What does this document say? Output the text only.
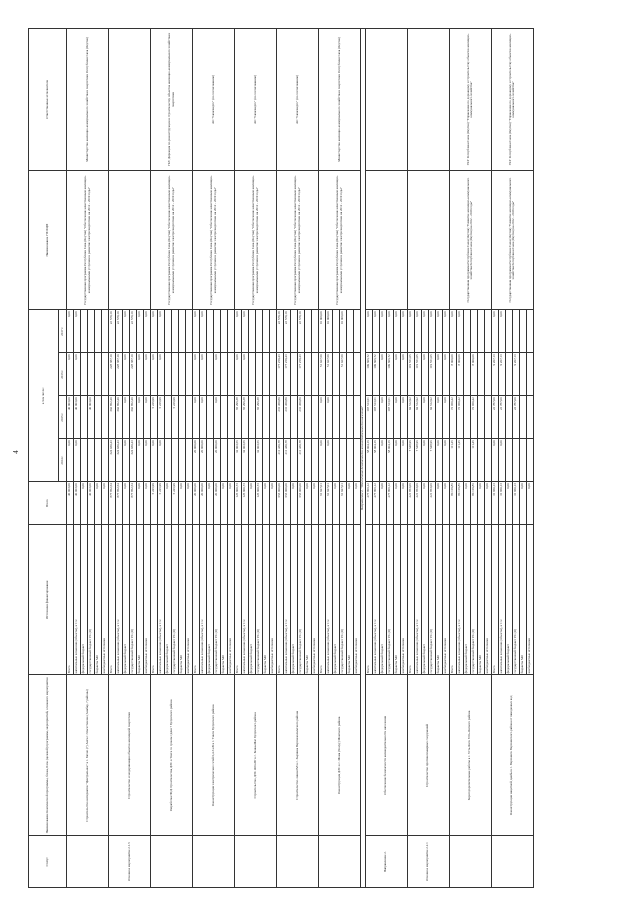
4
Статус	Наименование Комплексной программы, блока, Блок (целевой) программы, мероприятий, основного мероприятия	Источники финансирования	Всего	в том числе:				Наименование ГП/ФЦП	Ответственные исполнители
				2014 г.	2015 г.	2016 г.	2017 г.		
	Строительство интернатов "Центральное" в с. Бясмо (?) Амга с Эльгестенлек (Анабар, ? районы)	Всего	40 003,00	0,00	40 003,00	0,00	0,00	Государственная программа Республики Саха (Якутия) "Обеспечение качественным жилищно-коммунальными услугами и развитие электроэнергетики на 2012 - 2019 годы"	Министерство жилищно-коммунального хозяйства и энергетики Республики Саха (Якутия)
		капитальные вложения (объекты), в т.ч.:	40 003,00	0,00	40 003,00	0,00	0,00		
		федеральный бюджет	0,00						
		государственный бюджет РС (Я)	40 003,00		40 003,00				
		бюджеты МО	0,00						
		внебюджетные источники	0,00						
Основное мероприятие 2.1.5	Строительство и модернизация объектов жилищной энергетики	Всего	877 862,54	324 030,43	302 862,40	228 387,10	22 579,10		
		капитальные вложения (объекты), в т.ч.:	877 862,54	324 030,43	302 862,40	228 387,10	22 579,10		
		федеральный бюджет	0,00	0,00	0,00	0,00	0,00		
		государственный бюджет РС (Я)	877 862,54	324 030,43	302 862,40	228 387,10	22 579,10		
		бюджеты МО	0,00	0,00	0,00	0,00	0,00		
		внебюджетные источники	0,00	0,00	0,00	0,00	0,00		
	Разработка ПСД строительства ДЭС в Тиксе со сроком сдачи ? Булунского района	Всего	5 226,99	0,00	5 226,99	0,00	0,00	Государственная программа Республики Саха (Якутия) "Обеспечение качественным жилищно-коммунальными услугами и развитие электроэнергетики на 2012 - 2019 годы"	ГКУ Дирекция по реконструкции и строительству объектов жилищно-коммунального хозяйства и энергетики
		капитальные вложения (объекты), в т.ч.:	5 226,99	0,00	5 226,99	0,00	0,00		
		федеральный бюджет	0,00						
		государственный бюджет РС (Я)	5 226,99		5 226,99				
		бюджеты МО	0,00						
		внебюджетные источники	0,00						
	Реконструкция электрических сетей 0,4-6 кВ в с. Тикси Булунского района	Всего	20 000,00	20 000,00	0,00	0,00	0,00	Государственная программа Республики Саха (Якутия) "Обеспечение качественным жилищно-коммунальными услугами и развитие электроэнергетики на 2012 - 2019 годы"	АО "Сахаэнерго" (по согласованию)
		капитальные вложения (объекты), в т.ч.:	20 000,00	20 000,00	0,00	0,00	0,00		
		федеральный бюджет	0,00						
		государственный бюджет РС (Я)	20 000,00	20 000,00	0,00	0,00			
		бюджеты МО	0,00						
		внебюджетные источники	0,00						
	Строительство ДЭС 400 кВт в с. Бенка-Мас Булунского района	Всего	125 900,73	32 003,65	65 296,38	0,00	0,00	Государственная программа Республики Саха (Якутия) "Обеспечение качественным жилищно-коммунальными услугами и развитие электроэнергетики на 2012 - 2019 годы"	АО "Сахаэнерго" (по согласованию)
		капитальные вложения (объекты), в т.ч.:	125 900,73	32 003,65	65 296,38	0,00	0,00		
		федеральный бюджет	0,00						
		государственный бюджет РС (Я)	125 900,73	32 003,65	65 296,38				
		бюджеты МО	0,00						
		внебюджетные источники	0,00						
	Строительство линии ВЛ в с. Зырянка Верхнеколымского района	Всего	653 000,00	211 430,78	231 450,80	177 259,43	22 579,10	Государственная программа Республики Саха (Якутия) "Обеспечение качественным жилищно-коммунальными услугами и развитие электроэнергетики на 2012 - 2019 годы"	АО "Сахаэнерго" (по согласованию)
		капитальные вложения (объекты), в т.ч.:	653 000,00	211 430,78	231 450,80	177 259,43	22 579,10		
		федеральный бюджет	0,00						
		государственный бюджет РС (Я)	653 000,00	211 430,78	231 450,80	177 259,43	22 579,10		
		бюджеты МО	0,00						
		внебюджетные источники	0,00						
	Реконструкция ДЭС в с. Мома (Хонуу) Момского района	Всего	61 927,01	0,00	0,00	51 027,60	10 000,00	Государственная программа Республики Саха (Якутия) "Обеспечение качественным жилищно-коммунальными услугами и развитие электроэнергетики на 2012 - 2019 годы"	Министерство жилищно-коммунального хозяйства и энергетики Республики Саха (Якутия)
		капитальные вложения (объекты), в т.ч.:	61 927,01	0,00	0,00	51 027,60	10 000,00		
		федеральный бюджет	0,00						
		государственный бюджет РС (Я)	61 927,01			51 027,60	10 000,00		
		бюджеты МО	0,00						
		внебюджетные источники	0,00						
Направление 2. "Обеспечение безопасности жизнедеятельности населения"									
Направление 2.	Обеспечение безопасности жизнедеятельности населения	Всего	277 806,12	58 004,16	197 513,61	109 606,72	0,00		
		капитальные вложения (объекты), в т.ч.:	277 806,12	58 004,16	197 513,61	109 606,72	0,00		
		федеральный бюджет	0,00	0,00	0,00	0,00	0,00		
		государственный бюджет РС (Я)	277 806,12	58 004,16	197 513,61	109 606,72	0,00		
		бюджеты МО	0,00	0,00	0,00	0,00	0,00		
		внебюджетные источники	0,00	0,00	0,00	0,00	0,00		
Основное мероприятие 2.2.1	Строительство противопожарных сооружений	Всего	221 853,06	7 548,96	94 512,92	119 551,05	0,00		
		капитальные вложения (объекты), в т.ч.:	221 853,06	7 548,96	94 512,92	119 551,05	0,00		
		федеральный бюджет	0,00	0,00	0,00	0,00	0,00		
		государственный бюджет РС (Я)	221 853,06	7 548,96	94 512,92	119 551,05	0,00		
		бюджеты МО	0,00	0,00	0,00	0,00	0,00		
		внебюджетные источники	0,00	0,00	0,00	0,00	0,00		
	Берегоукрепительные работы в с. Усть-Янск Усть-Янского района	Всего	80 119,86	111,45	72 050,42	8 000,00	0,00	Государственная программа Республики Саха (Якутия) "Развитие жилищно-коммунального хозяйства Республики Саха (Якутия) на 2012 - 2019 годы"	ГКУ Республики Саха (Якутия) "Управление по дорожному и строительству объектов жилищно-коммунального хозяйства"
		капитальные вложения (объекты), в т.ч.:	80 119,86	111,45	72 050,42	8 000,00	0,00		
		федеральный бюджет	0,00						
		государственный бюджет РС (Я)	80 119,86	111,45	72 050,42	8 000,00			
		бюджеты МО	0,00						
		внебюджетные источники	0,00						
	Реконструкция защитной дамбы в с. Верхоянск Верхоянского района от паводковых вод	Всего	31 960,13	0,00	22 787,00	9 207,13	0,00	Государственная программа Республики Саха (Якутия) "Развитие жилищно-коммунального хозяйства Республики Саха (Якутия) на 2012 - 2019 годы"	ГКУ Республики Саха (Якутия) "Управление по дорожному и строительству объектов жилищно-коммунального хозяйства"
		капитальные вложения (объекты), в т.ч.:	31 960,13	0,00	22 787,00	9 207,13	0,00		
		федеральный бюджет	0,00						
		государственный бюджет РС (Я)	31 960,13		22 787,00	9 207,13			
		бюджеты МО	0,00						
		внебюджетные источники	0,00						
